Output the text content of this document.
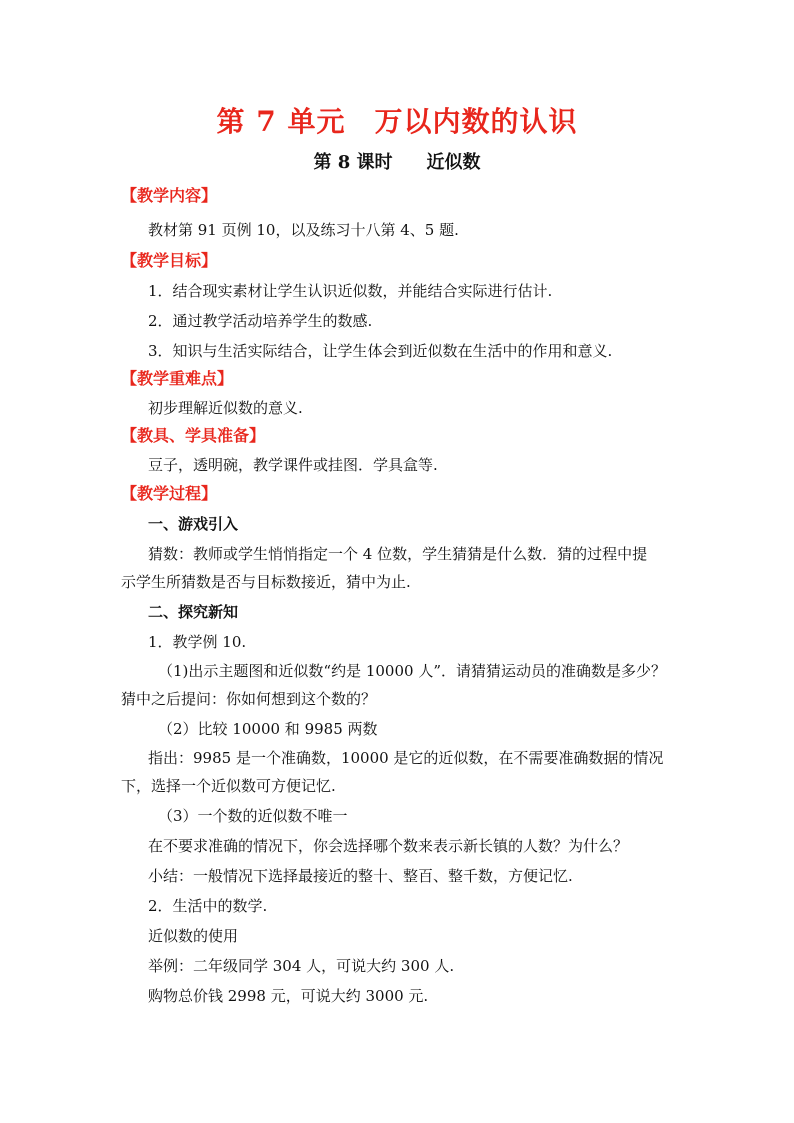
第 7 单元　万以内数的认识
第 8 课时 近似数

【教学内容】

教材第 91 页例 10，以及练习十八第 4、5 题.

【教学目标】

1．结合现实素材让学生认识近似数，并能结合实际进行估计.

2．通过教学活动培养学生的数感.

3．知识与生活实际结合，让学生体会到近似数在生活中的作用和意义.

【教学重难点】

初步理解近似数的意义.

【教具、学具准备】

豆子，透明碗，教学课件或挂图．学具盒等.

【教学过程】

一、游戏引入

猜数：教师或学生悄悄指定一个 4 位数，学生猜猜是什么数．猜的过程中提

示学生所猜数是否与目标数接近，猜中为止.

二、探究新知

1．教学例 10.

（1)出示主题图和近似数“约是 10000 人”．请猜猜运动员的准确数是多少？

猜中之后提问：你如何想到这个数的？

（2）比较 10000 和 9985 两数

指出：9985 是一个准确数，10000 是它的近似数，在不需要准确数据的情况

下，选择一个近似数可方便记忆.

（3）一个数的近似数不唯一

在不要求准确的情况下，你会选择哪个数来表示新长镇的人数？为什么？

小结：一般情况下选择最接近的整十、整百、整千数，方便记忆.

2．生活中的数学.

近似数的使用

举例：二年级同学 304 人，可说大约 300 人.

购物总价钱 2998 元，可说大约 3000 元.
